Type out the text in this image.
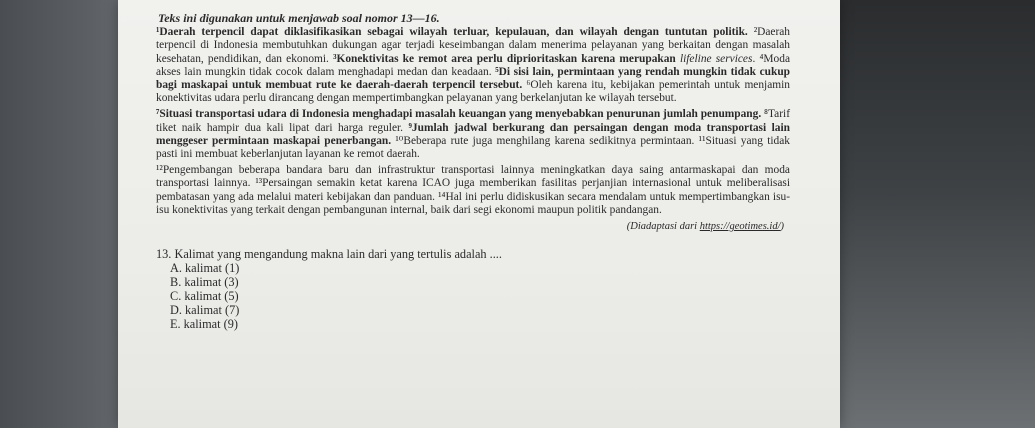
Teks ini digunakan untuk menjawab soal nomor 13—16.

¹Daerah terpencil dapat diklasifikasikan sebagai wilayah terluar, kepulauan, dan wilayah dengan tuntutan politik. ²Daerah terpencil di Indonesia membutuhkan dukungan agar terjadi keseimbangan dalam menerima pelayanan yang berkaitan dengan masalah kesehatan, pendidikan, dan ekonomi. ³Konektivitas ke remot area perlu diprioritaskan karena merupakan lifeline services. ⁴Moda akses lain mungkin tidak cocok dalam menghadapi medan dan keadaan. ⁵Di sisi lain, permintaan yang rendah mungkin tidak cukup bagi maskapai untuk membuat rute ke daerah-daerah terpencil tersebut. ⁶Oleh karena itu, kebijakan pemerintah untuk menjamin konektivitas udara perlu dirancang dengan mempertimbangkan pelayanan yang berkelanjutan ke wilayah tersebut.

⁷Situasi transportasi udara di Indonesia menghadapi masalah keuangan yang menyebabkan penurunan jumlah penumpang. ⁸Tarif tiket naik hampir dua kali lipat dari harga reguler. ⁹Jumlah jadwal berkurang dan persaingan dengan moda transportasi lain menggeser permintaan maskapai penerbangan. ¹⁰Beberapa rute juga menghilang karena sedikitnya permintaan. ¹¹Situasi yang tidak pasti ini membuat keberlanjutan layanan ke remot daerah.

¹²Pengembangan beberapa bandara baru dan infrastruktur transportasi lainnya meningkatkan daya saing antarmaskapai dan moda transportasi lainnya. ¹³Persaingan semakin ketat karena ICAO juga memberikan fasilitas perjanjian internasional untuk meliberalisasi pembatasan yang ada melalui materi kebijakan dan panduan. ¹⁴Hal ini perlu didiskusikan secara mendalam untuk mempertimbangkan isu-isu konektivitas yang terkait dengan pembangunan internal, baik dari segi ekonomi maupun politik pandangan.

(Diadaptasi dari https://geotimes.id/)
13. Kalimat yang mengandung makna lain dari yang tertulis adalah ....
A. kalimat (1)
B. kalimat (3)
C. kalimat (5)
D. kalimat (7)
E. kalimat (9)
